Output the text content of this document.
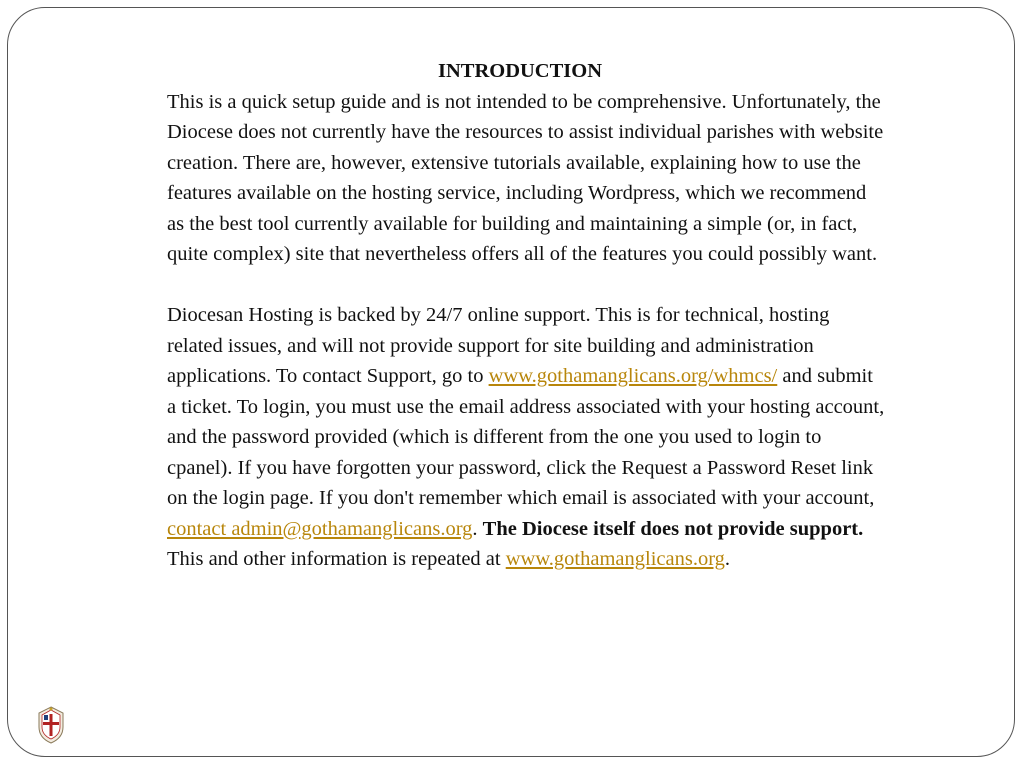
INTRODUCTION

This is a quick setup guide and is not intended to be comprehensive. Unfortunately, the Diocese does not currently have the resources to assist individual parishes with website creation. There are, however, extensive tutorials available, explaining how to use the features available on the hosting service, including Wordpress, which we recommend as the best tool currently available for building and maintaining a simple (or, in fact, quite complex) site that nevertheless offers all of the features you could possibly want.

Diocesan Hosting is backed by 24/7 online support. This is for technical, hosting related issues, and will not provide support for site building and administration applications. To contact Support, go to www.gothamanglicans.org/whmcs/ and submit a ticket. To login, you must use the email address associated with your hosting account, and the password provided (which is different from the one you used to login to cpanel). If you have forgotten your password, click the Request a Password Reset link on the login page. If you don't remember which email is associated with your account, contact admin@gothamanglicans.org. The Diocese itself does not provide support. This and other information is repeated at www.gothamanglicans.org.
